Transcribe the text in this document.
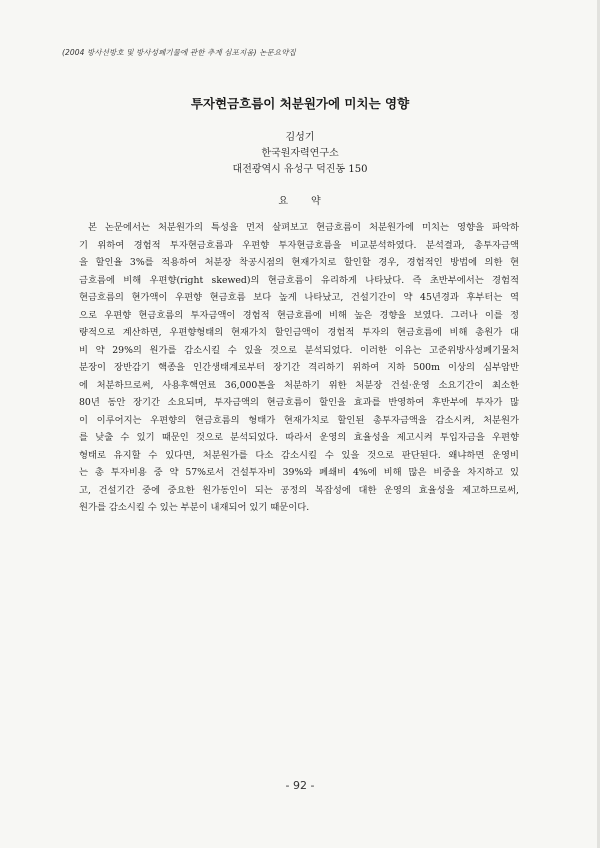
(2004 방사선방호 및 방사성폐기물에 관한 추계 심포지움) 논문요약집
투자현금흐름이 처분원가에 미치는 영향
김성기
한국원자력연구소
대전광역시 유성구 덕진동 150
요 약
본 논문에서는 처분원가의 특성을 먼저 살펴보고 현금흐름이 처분원가에 미치는 영향을 파악하
기 위하여 경험적 투자현금흐름과 우편향 투자현금흐름을 비교분석하였다. 분석결과, 총투자금액
을 할인율 3%를 적용하여 처분장 착공시점의 현재가치로 할인할 경우, 경험적인 방법에 의한 현
금흐름에 비해 우편향(right skewed)의 현금흐름이 유리하게 나타났다. 즉 초반부에서는 경험적
현금흐름의 현가액이 우편향 현금흐름 보다 높게 나타났고, 건설기간이 약 45년경과 후부터는 역
으로 우편향 현금흐름의 투자금액이 경험적 현금흐름에 비해 높은 경향을 보였다. 그러나 이를 정
량적으로 계산하면, 우편향형태의 현재가치 할인금액이 경험적 투자의 현금흐름에 비해 총원가 대
비 약 29%의 원가를 감소시킬 수 있을 것으로 분석되었다. 이러한 이유는 고준위방사성폐기물처
분장이 장반감기 핵종을 인간생태계로부터 장기간 격리하기 위하여 지하 500m 이상의 심부암반
에 처분하므로써, 사용후핵연료 36,000톤을 처분하기 위한 처분장 건설·운영 소요기간이 최소한
80년 동안 장기간 소요되며, 투자금액의 현금흐름이 할인을 효과를 반영하여 후반부에 투자가 많
이 이루어지는 우편향의 현금흐름의 형태가 현재가치로 할인된 총투자금액을 감소시켜, 처분원가
를 낮출 수 있기 때문인 것으로 분석되었다. 따라서 운영의 효율성을 제고시켜 투입자금을 우편향
형태로 유지할 수 있다면, 처분원가를 다소 감소시킬 수 있을 것으로 판단된다. 왜냐하면 운영비
는 총 투자비용 중 약 57%로서 건설투자비 39%와 폐쇄비 4%에 비해 많은 비중을 차지하고 있
고, 건설기간 중에 중요한 원가동인이 되는 공정의 복잡성에 대한 운영의 효율성을 제고하므로써,
원가를 감소시킬 수 있는 부분이 내재되어 있기 때문이다.
- 92 -
